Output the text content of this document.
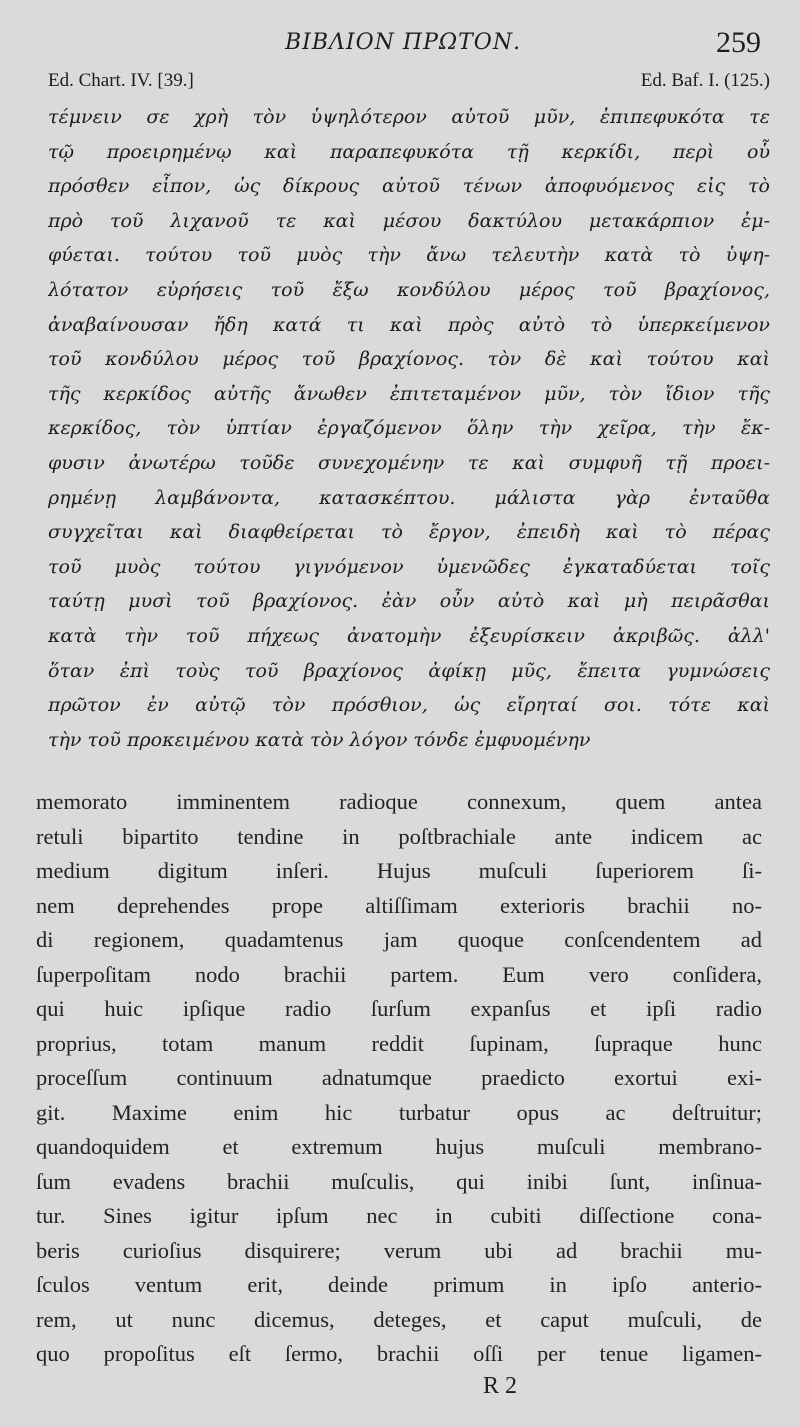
ΒΙΒΛΙΟΝ ΠΡΩΤΟΝ.	259
Ed. Chart. IV. [39.]	Ed. Baf. I. (125.)
τέμνειν σε χρὴ τὸν ὑψηλότερον αὐτοῦ μῦν, ἐπιπεφυκότα τε
τῷ προειρημένῳ καὶ παραπεφυκότα τῇ κερκίδι, περὶ οὗ
πρόσθεν εἶπον, ὡς δίκρους αὐτοῦ τένων ἀποφυόμενος εἰς τὸ
πρὸ τοῦ λιχανοῦ τε καὶ μέσου δακτύλου μετακάρπιον ἐμ-
φύεται. τούτου τοῦ μυὸς τὴν ἄνω τελευτὴν κατὰ τὸ ὑψη-
λότατον εὑρήσεις τοῦ ἔξω κονδύλου μέρος τοῦ βραχίονος,
ἀναβαίνουσαν ἤδη κατά τι καὶ πρὸς αὐτὸ τὸ ὑπερκείμενον
τοῦ κονδύλου μέρος τοῦ βραχίονος. τὸν δὲ καὶ τούτου καὶ
τῆς κερκίδος αὐτῆς ἄνωθεν ἐπιτεταμένον μῦν, τὸν ἴδιον τῆς
κερκίδος, τὸν ὑπτίαν ἐργαζόμενον ὅλην τὴν χεῖρα, τὴν ἔκ-
φυσιν ἀνωτέρω τοῦδε συνεχομένην τε καὶ συμφυῆ τῇ προει-
ρημένῃ λαμβάνοντα, κατασκέπτου. μάλιστα γὰρ ἐνταῦθα
συγχεῖται καὶ διαφθείρεται τὸ ἔργον, ἐπειδὴ καὶ τὸ πέρας
τοῦ μυὸς τούτου γιγνόμενον ὑμενῶδες ἐγκαταδύεται τοῖς
ταύτῃ μυσὶ τοῦ βραχίονος. ἐὰν οὖν αὐτὸ καὶ μὴ πειρᾶσθαι
κατὰ τὴν τοῦ πήχεως ἀνατομὴν ἐξευρίσκειν ἀκριβῶς. ἀλλ'
ὅταν ἐπὶ τοὺς τοῦ βραχίονος ἀφίκῃ μῦς, ἔπειτα γυμνώσεις
πρῶτον ἐν αὐτῷ τὸν πρόσθιον, ὡς εἴρηταί σοι. τότε καὶ
τὴν τοῦ προκειμένου κατὰ τὸν λόγον τόνδε ἐμφυομένην
memorato imminentem radioque connexum, quem antea
retuli bipartito tendine in poſtbrachiale ante indicem ac
medium digitum inſeri. Hujus muſculi ſuperiorem ſi-
nem deprehendes prope altiſſimam exterioris brachii no-
di regionem, quadamtenus jam quoque conſcendentem ad
ſuperpoſitam nodo brachii partem. Eum vero conſidera,
qui huic ipſique radio ſurſum expanſus et ipſi radio
proprius, totam manum reddit ſupinam, ſupraque hunc
proceſſum continuum adnatumque praedicto exortui exi-
git. Maxime enim hic turbatur opus ac deſtruitur;
quandoquidem et extremum hujus muſculi membrano-
ſum evadens brachii muſculis, qui inibi ſunt, inſinua-
tur. Sines igitur ipſum nec in cubiti diſſectione cona-
beris curioſius disquirere; verum ubi ad brachii mu-
ſculos ventum erit, deinde primum in ipſo anterio-
rem, ut nunc dicemus, deteges, et caput muſculi, de
quo propoſitus eſt ſermo, brachii oſſi per tenue ligamen-
R 2
